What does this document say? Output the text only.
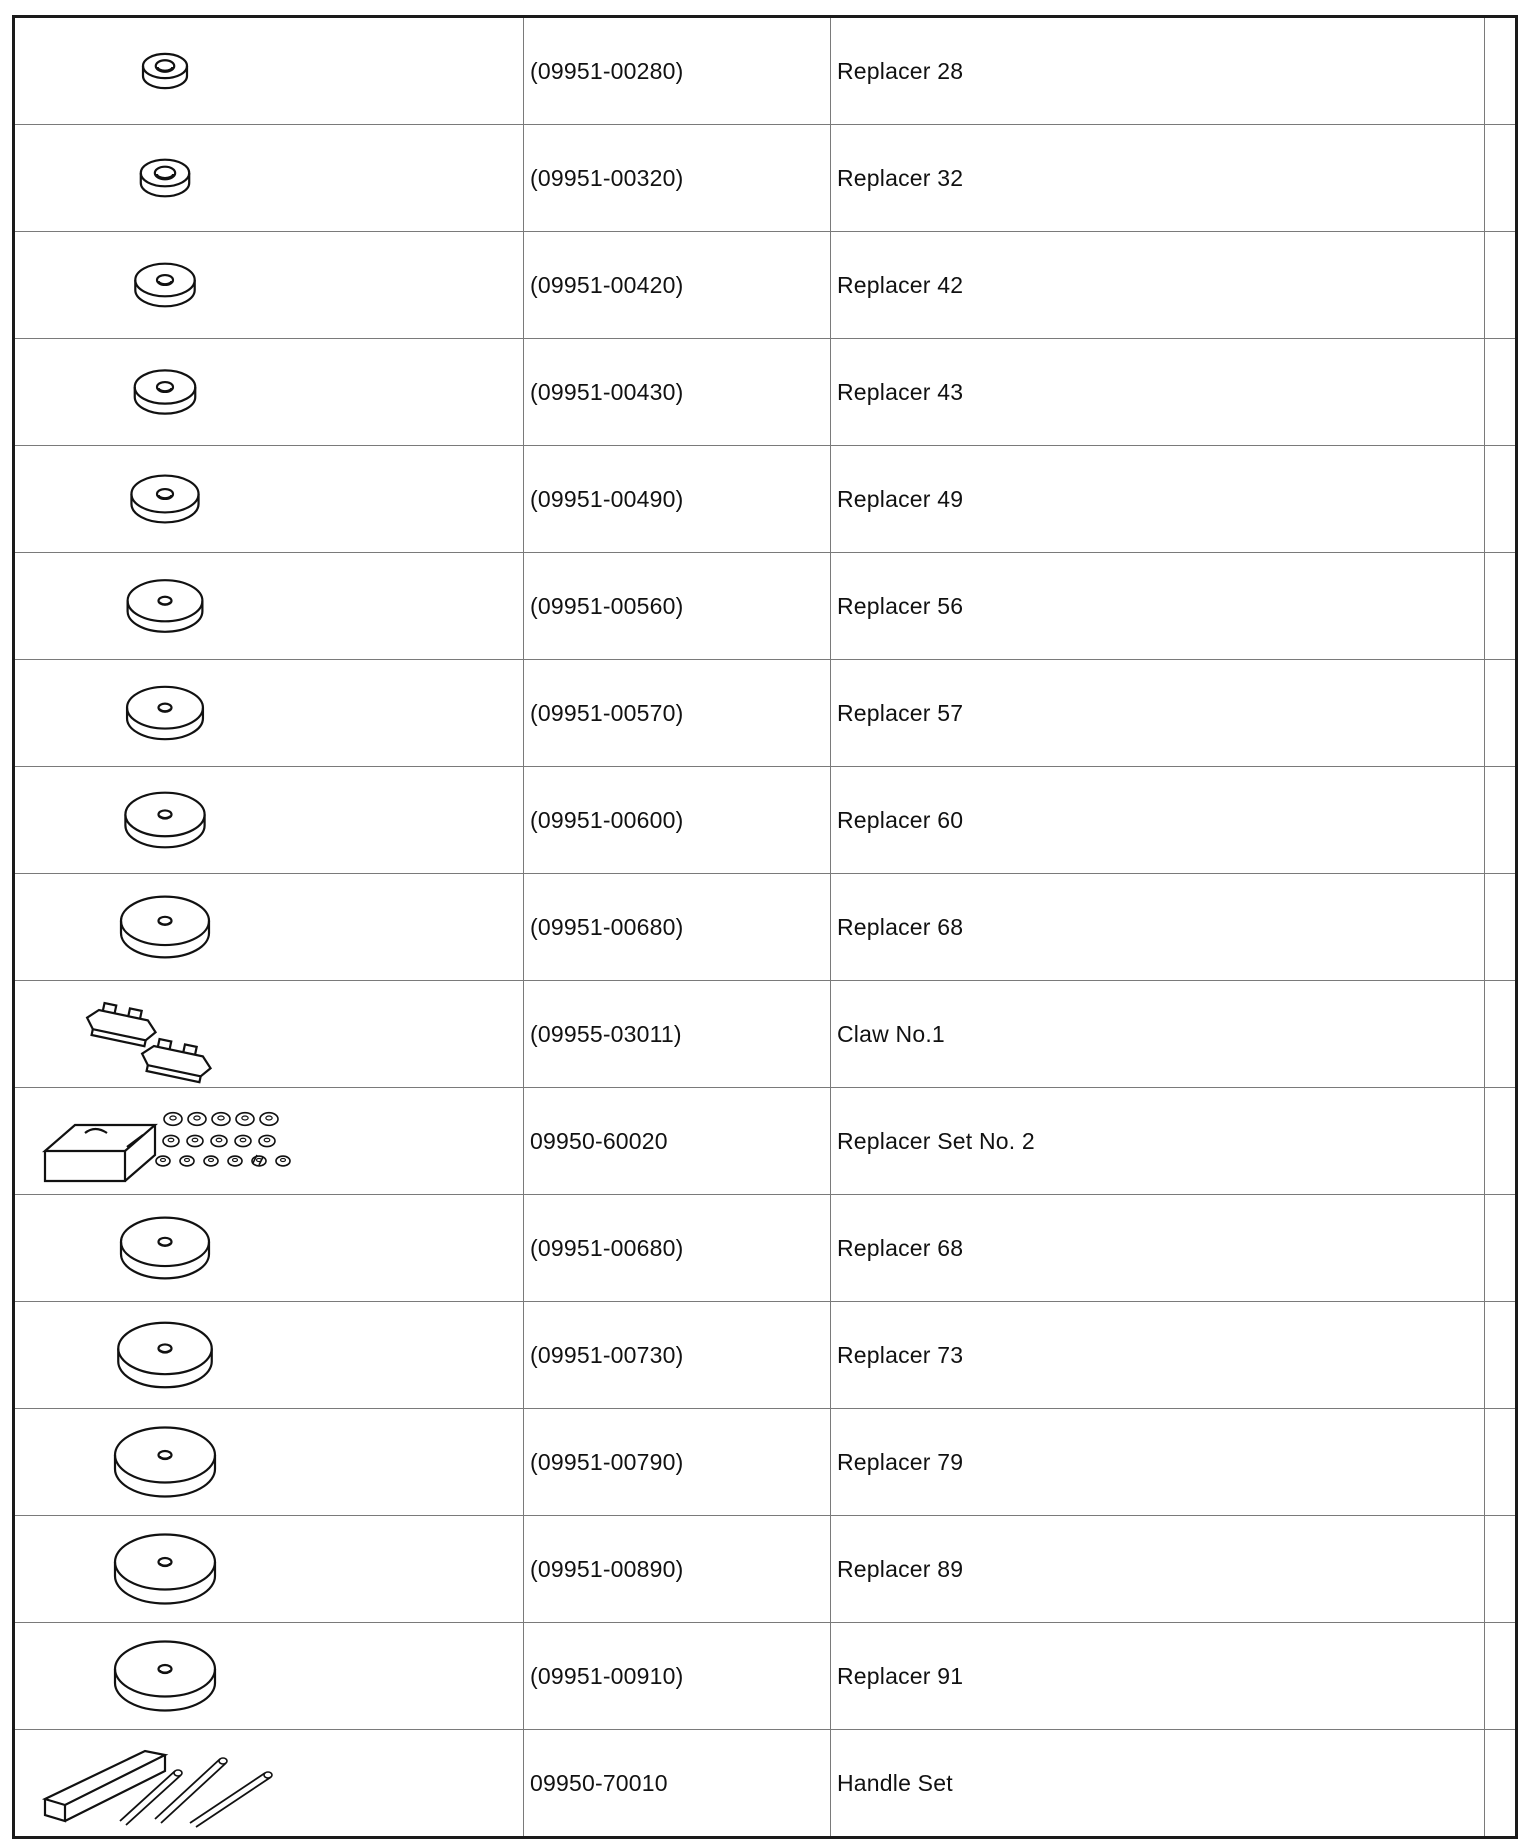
	(09951-00280)	Replacer 28	

	(09951-00320)	Replacer 32	

	(09951-00420)	Replacer 42	

	(09951-00430)	Replacer 43	

	(09951-00490)	Replacer 49	

	(09951-00560)	Replacer 56	

	(09951-00570)	Replacer 57	

	(09951-00600)	Replacer 60	

	(09951-00680)	Replacer 68	

	(09955-03011)	Claw No.1	

	09950-60020	Replacer Set No. 2	

	(09951-00680)	Replacer 68	

	(09951-00730)	Replacer 73	

	(09951-00790)	Replacer 79	

	(09951-00890)	Replacer 89	

	(09951-00910)	Replacer 91	

	09950-70010	Handle Set	
